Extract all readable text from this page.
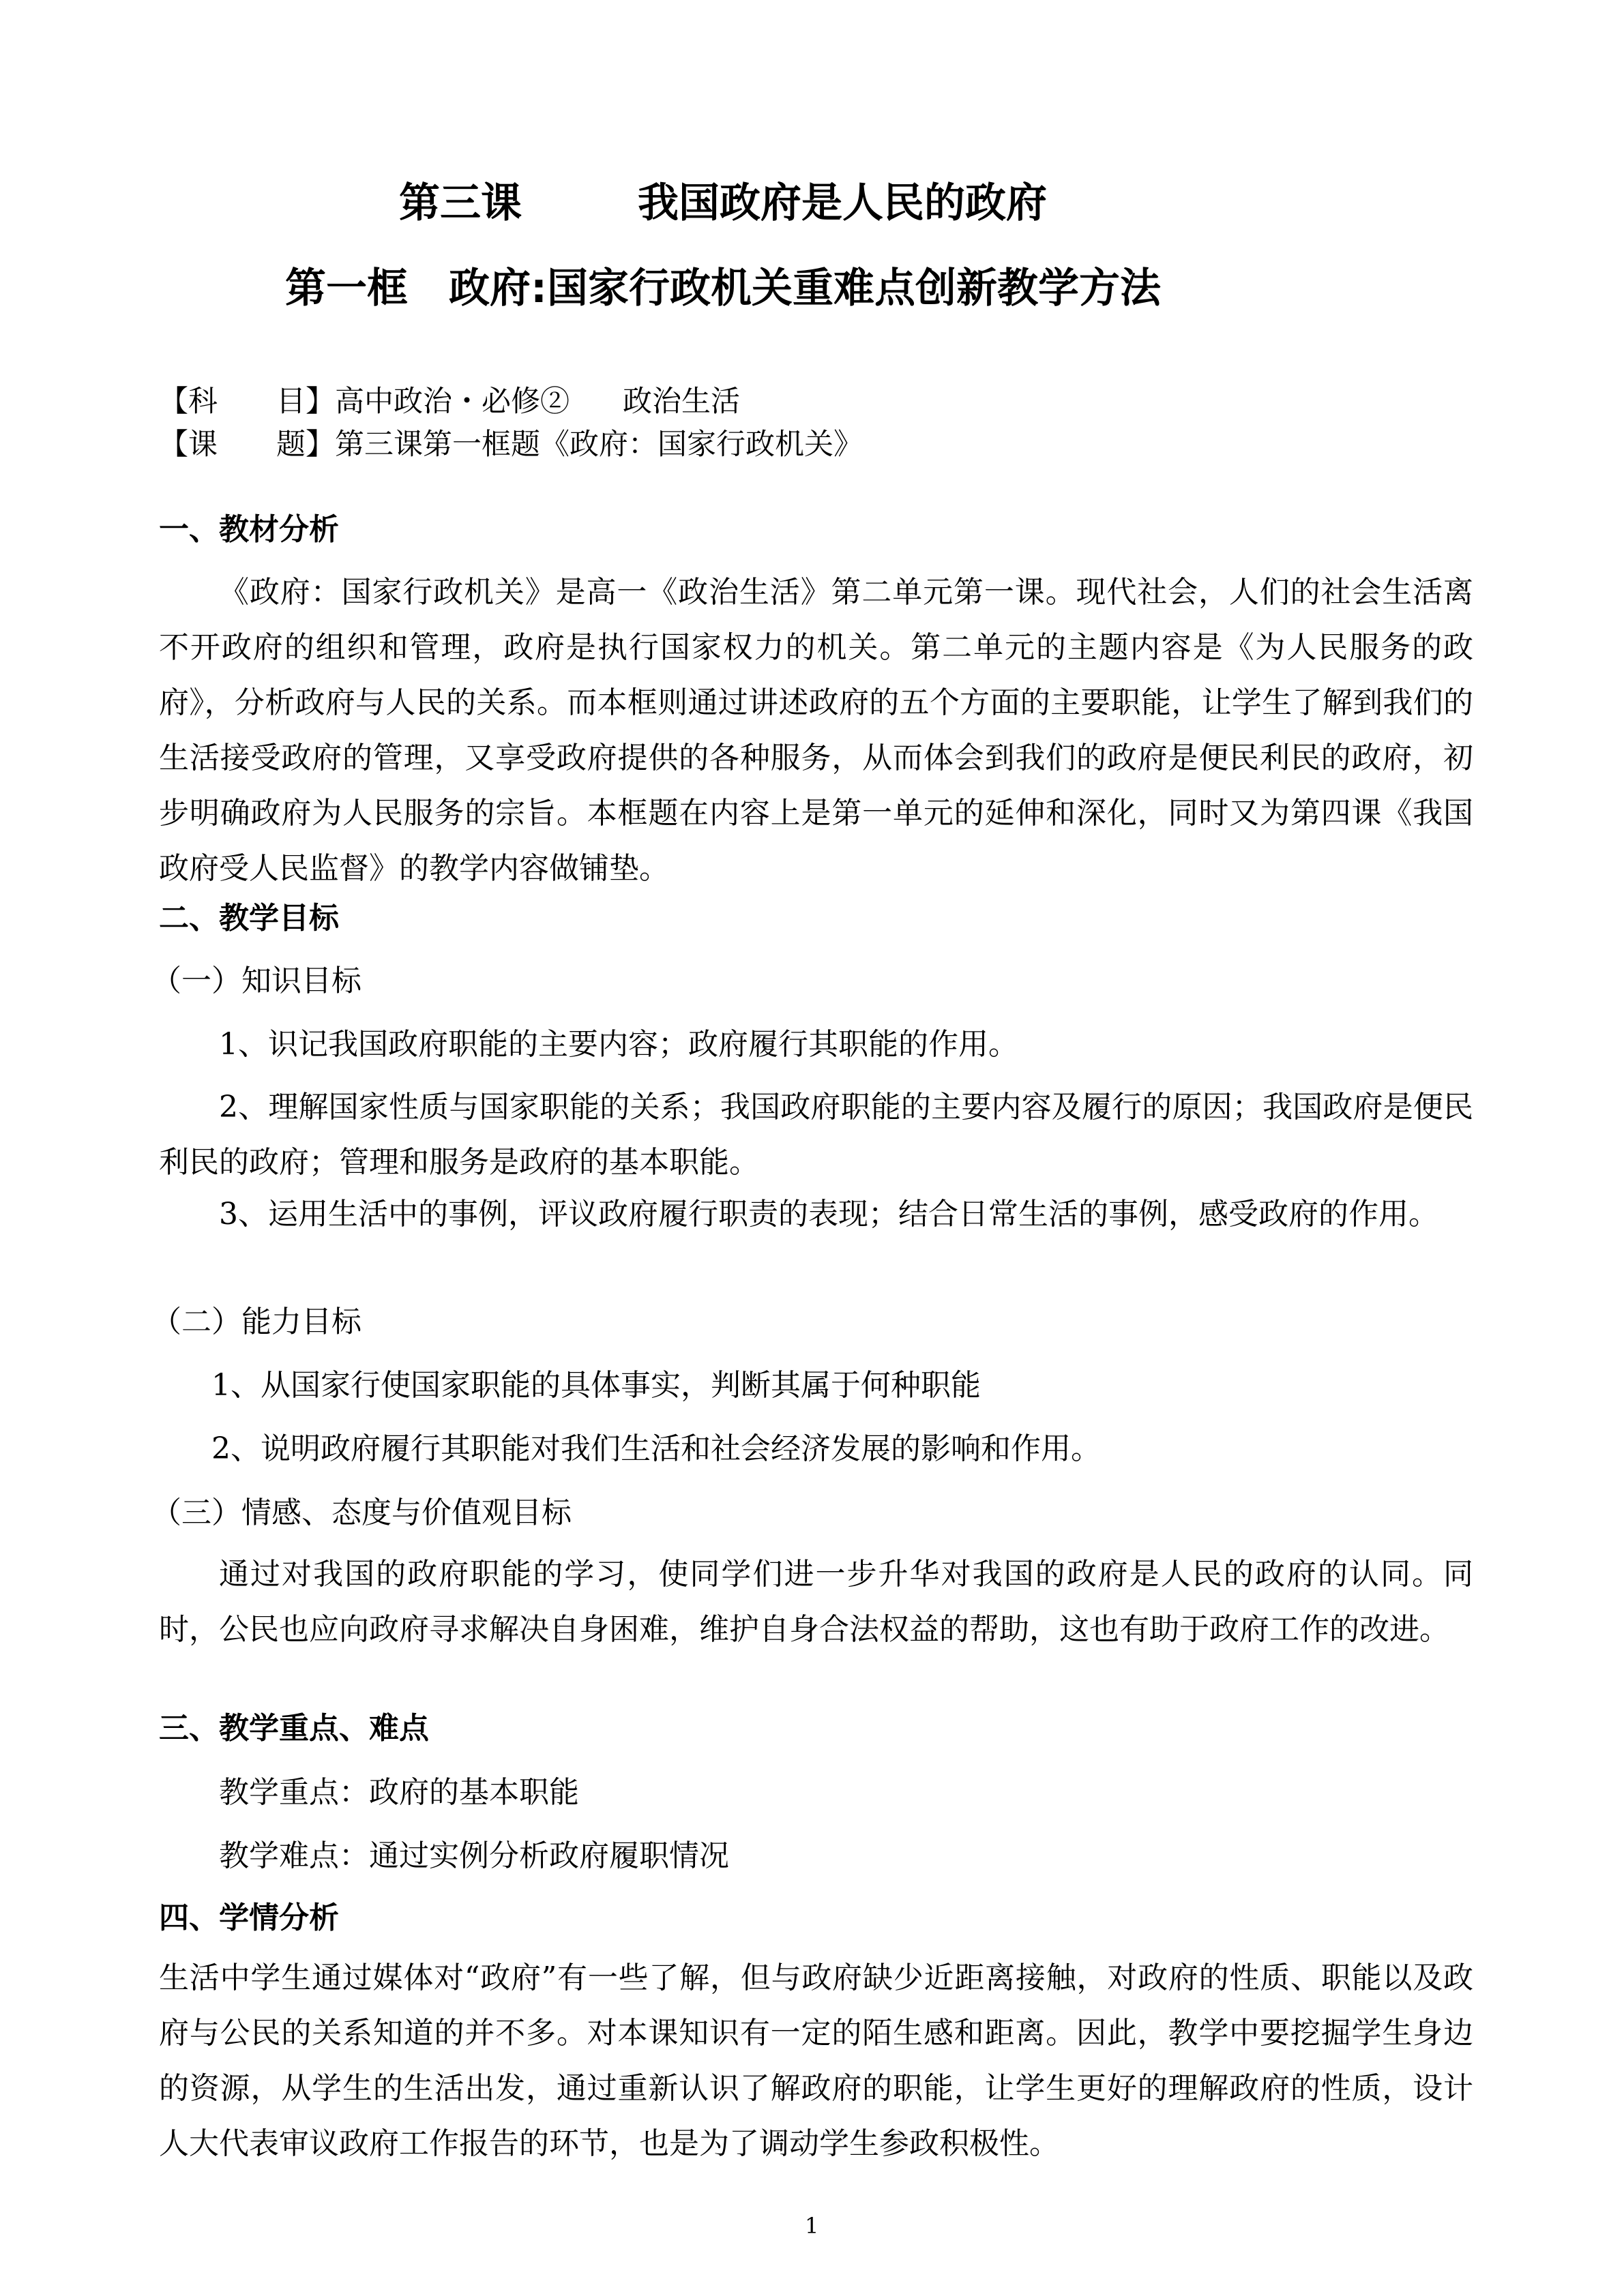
第三课	我国政府是人民的政府
第一框 政府:国家行政机关重难点创新教学方法
【科 目】高中政治・必修② 政治生活
【课 题】第三课第一框题《政府：国家行政机关》
一、教材分析
《政府：国家行政机关》是高一《政治生活》第二单元第一课。现代社会，人们的社会生活离不开政府的组织和管理，政府是执行国家权力的机关。第二单元的主题内容是《为人民服务的政府》，分析政府与人民的关系。而本框则通过讲述政府的五个方面的主要职能，让学生了解到我们的生活接受政府的管理，又享受政府提供的各种服务，从而体会到我们的政府是便民利民的政府，初步明确政府为人民服务的宗旨。本框题在内容上是第一单元的延伸和深化，同时又为第四课《我国政府受人民监督》的教学内容做铺垫。
二、教学目标
（一）知识目标
1、识记我国政府职能的主要内容；政府履行其职能的作用。
2、理解国家性质与国家职能的关系；我国政府职能的主要内容及履行的原因；我国政府是便民利民的政府；管理和服务是政府的基本职能。
3、运用生活中的事例，评议政府履行职责的表现；结合日常生活的事例，感受政府的作用。
（二）能力目标
1、从国家行使国家职能的具体事实，判断其属于何种职能
2、说明政府履行其职能对我们生活和社会经济发展的影响和作用。
（三）情感、态度与价值观目标
通过对我国的政府职能的学习，使同学们进一步升华对我国的政府是人民的政府的认同。同时，公民也应向政府寻求解决自身困难，维护自身合法权益的帮助，这也有助于政府工作的改进。
三、教学重点、难点
教学重点：政府的基本职能
教学难点：通过实例分析政府履职情况
四、学情分析
生活中学生通过媒体对“政府”有一些了解，但与政府缺少近距离接触，对政府的性质、职能以及政府与公民的关系知道的并不多。对本课知识有一定的陌生感和距离。因此，教学中要挖掘学生身边的资源，从学生的生活出发，通过重新认识了解政府的职能，让学生更好的理解政府的性质，设计人大代表审议政府工作报告的环节，也是为了调动学生参政积极性。
1
